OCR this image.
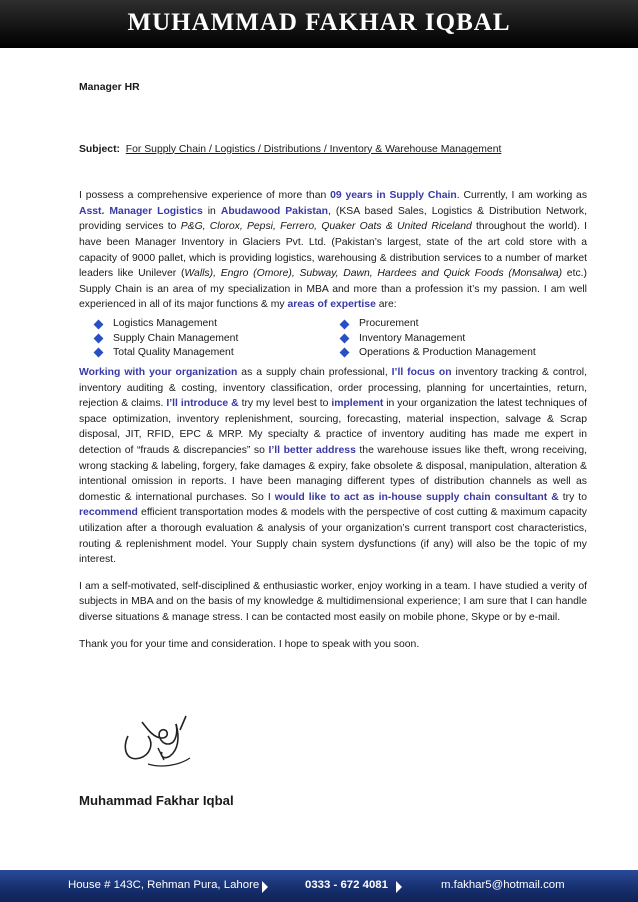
MUHAMMAD FAKHAR IQBAL

Manager HR

Subject: For Supply Chain / Logistics / Distributions / Inventory & Warehouse Management

I possess a comprehensive experience of more than 09 years in Supply Chain. Currently, I am working as Asst. Manager Logistics in Abudawood Pakistan, (KSA based Sales, Logistics & Distribution Network, providing services to P&G, Clorox, Pepsi, Ferrero, Quaker Oats & United Riceland throughout the world). I have been Manager Inventory in Glaciers Pvt. Ltd. (Pakistan’s largest, state of the art cold store with a capacity of 9000 pallet, which is providing logistics, warehousing & distribution services to a number of market leaders like Unilever (Walls), Engro (Omore), Subway, Dawn, Hardees and Quick Foods (Monsalwa) etc.) Supply Chain is an area of my specialization in MBA and more than a profession it’s my passion. I am well experienced in all of its major functions & my areas of expertise are:

Logistics Management
Supply Chain Management
Total Quality Management
Procurement
Inventory Management
Operations & Production Management

Working with your organization as a supply chain professional, I’ll focus on inventory tracking & control, inventory auditing & costing, inventory classification, order processing, planning for uncertainties, return, rejection & claims. I’ll introduce & try my level best to implement in your organization the latest techniques of space optimization, inventory replenishment, sourcing, forecasting, material inspection, salvage & Scrap disposal, JIT, RFID, EPC & MRP. My specialty & practice of inventory auditing has made me expert in detection of “frauds & discrepancies” so I’ll better address the warehouse issues like theft, wrong receiving, wrong stacking & labeling, forgery, fake damages & expiry, fake obsolete & disposal, manipulation, alteration & intentional omission in reports. I have been managing different types of distribution channels as well as domestic & international purchases. So I would like to act as in-house supply chain consultant & try to recommend efficient transportation modes & models with the perspective of cost cutting & maximum capacity utilization after a thorough evaluation & analysis of your organization’s current transport cost characteristics, routing & replenishment model. Your Supply chain system dysfunctions (if any) will also be the topic of my interest.

I am a self-motivated, self-disciplined & enthusiastic worker, enjoy working in a team. I have studied a verity of subjects in MBA and on the basis of my knowledge & multidimensional experience; I am sure that I can handle diverse situations & manage stress. I can be contacted most easily on mobile phone, Skype or by e-mail.

Thank you for your time and consideration. I hope to speak with you soon.

Muhammad Fakhar Iqbal
House # 143C, Rehman Pura, Lahore	0333 - 672 4081	m.fakhar5@hotmail.com
